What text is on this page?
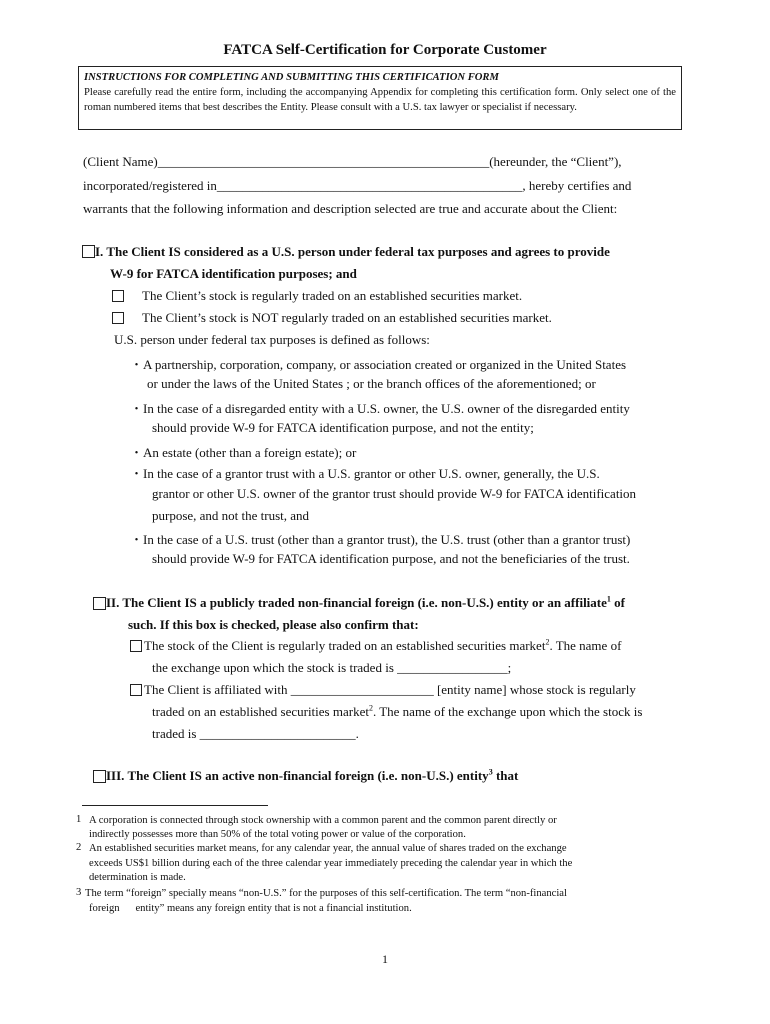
FATCA Self-Certification for Corporate Customer
INSTRUCTIONS FOR COMPLETING AND SUBMITTING THIS CERTIFICATION FORM
Please carefully read the entire form, including the accompanying Appendix for completing this certification form. Only select one of the roman numbered items that best describes the Entity. Please consult with a U.S. tax lawyer or specialist if necessary.
(Client Name)___________________________________________________(hereunder, the “Client”),
incorporated/registered in_______________________________________________, hereby certifies and
warrants that the following information and description selected are true and accurate about the Client:
I. The Client IS considered as a U.S. person under federal tax purposes and agrees to provide
W-9 for FATCA identification purposes; and
The Client’s stock is regularly traded on an established securities market.
The Client’s stock is NOT regularly traded on an established securities market.
U.S. person under federal tax purposes is defined as follows:
・A partnership, corporation, company, or association created or organized in the United States
or under the laws of the United States ; or the branch offices of the aforementioned; or
・In the case of a disregarded entity with a U.S. owner, the U.S. owner of the disregarded entity
should provide W-9 for FATCA identification purpose, and not the entity;
・An estate (other than a foreign estate); or
・In the case of a grantor trust with a U.S. grantor or other U.S. owner, generally, the U.S.
grantor or other U.S. owner of the grantor trust should provide W-9 for FATCA identification
purpose, and not the trust, and
・In the case of a U.S. trust (other than a grantor trust), the U.S. trust (other than a grantor trust)
should provide W-9 for FATCA identification purpose, and not the beneficiaries of the trust.
II. The Client IS a publicly traded non-financial foreign (i.e. non-U.S.) entity or an affiliate$^1$ of
such. If this box is checked, please also confirm that:
The stock of the Client is regularly traded on an established securities market$^2$. The name of
the exchange upon which the stock is traded is _________________;
The Client is affiliated with ______________________ [entity name] whose stock is regularly
traded on an established securities market$^2$. The name of the exchange upon which the stock is
traded is ________________________.
III. The Client IS an active non-financial foreign (i.e. non-U.S.) entity$^3$ that
1 A corporation is connected through stock ownership with a common parent and the common parent directly or
indirectly possesses more than 50% of the total voting power or value of the corporation.
2 An established securities market means, for any calendar year, the annual value of shares traded on the exchange
exceeds US$1 billion during each of the three calendar year immediately preceding the calendar year in which the
determination is made.
3 The term “foreign” specially means “non-U.S.” for the purposes of this self-certification. The term “non-financial
foreign      entity” means any foreign entity that is not a financial institution.
1
